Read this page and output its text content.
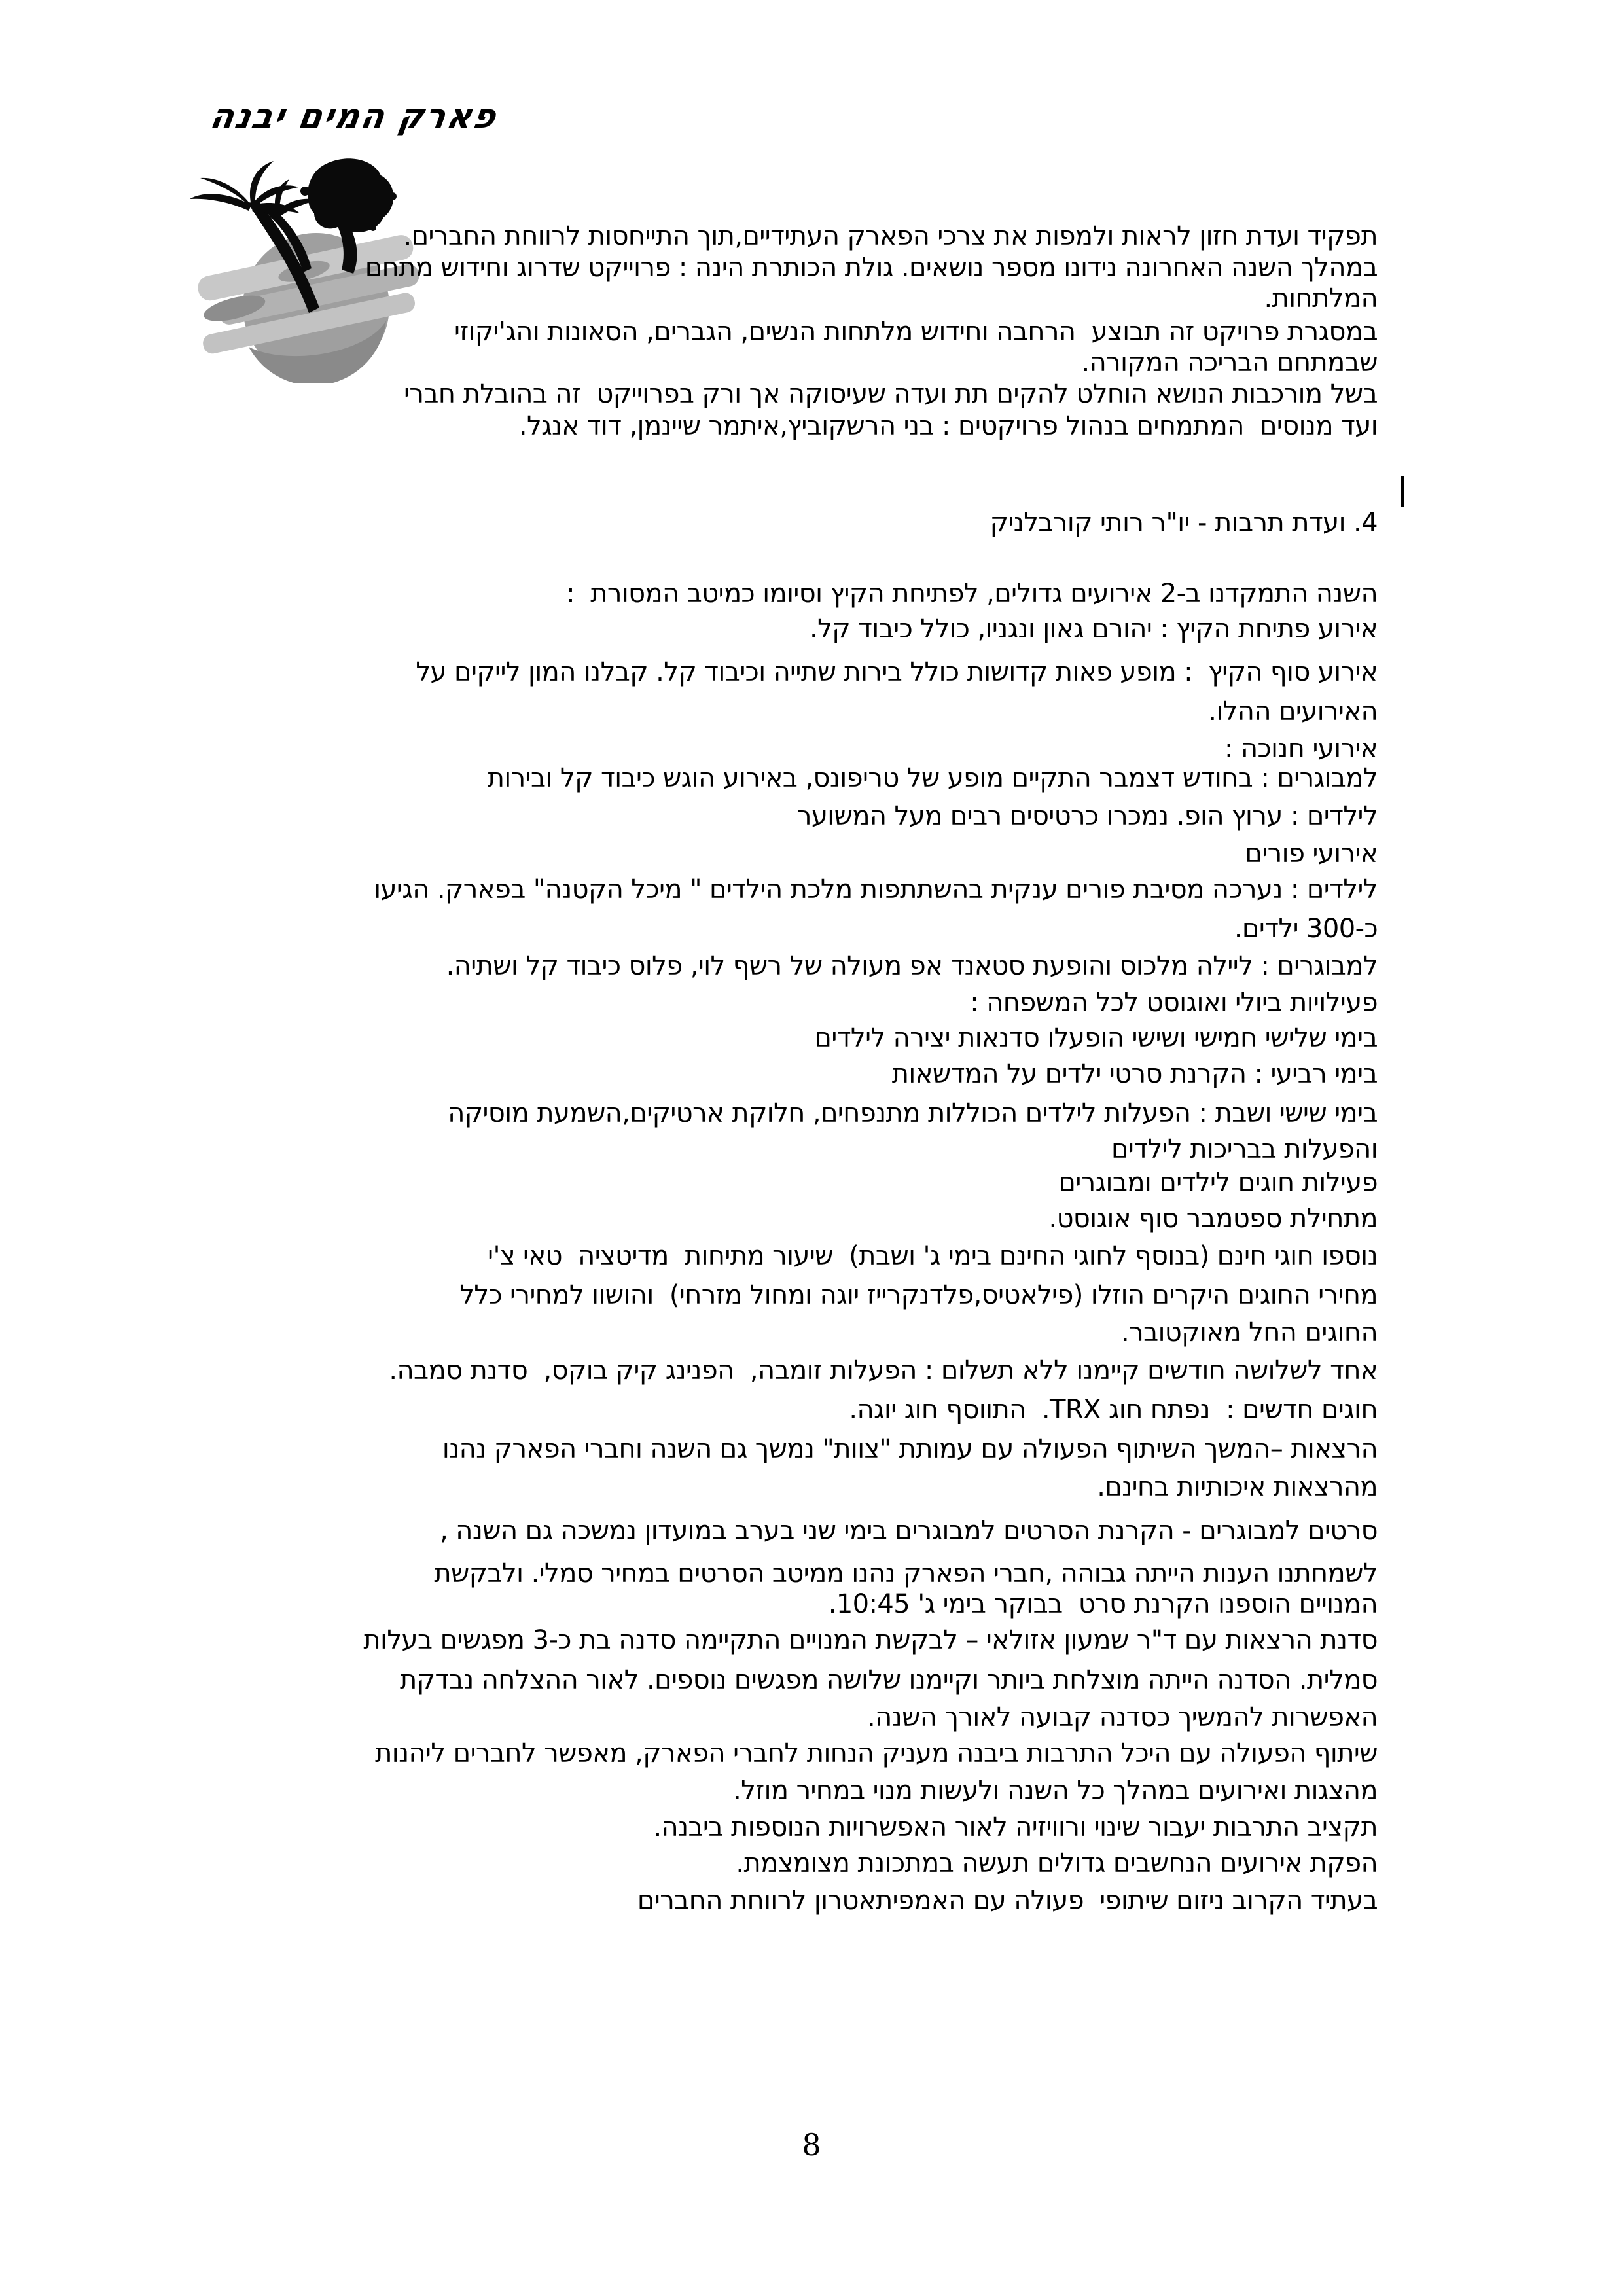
פארק המים יבנה
תפקיד ועדת חזון לראות ולמפות את צרכי הפארק העתידיים,תוך התייחסות לרווחת החברים.
במהלך השנה האחרונה נידונו מספר נושאים. גולת הכותרת הינה : פרוייקט שדרוג וחידוש מתחם
המלתחות.
במסגרת פרויקט זה תבוצע  הרחבה וחידוש מלתחות הנשים, הגברים, הסאונות והג'יקוזי
שבמתחם הבריכה המקורה.
בשל מורכבות הנושא הוחלט להקים תת ועדה שעיסוקה אך ורק בפרוייקט  זה בהובלת חברי
ועד מנוסים  המתמחים בנהול פרויקטים : בני הרשקוביץ,איתמר שיינמן, דוד אנגל.
4. ועדת תרבות - יו"ר רותי קורבלניק
השנה התמקדנו ב-2 אירועים גדולים, לפתיחת הקיץ וסיומו כמיטב המסורת  :
אירוע פתיחת הקיץ : יהורם גאון ונגניו, כולל כיבוד קל.
אירוע סוף הקיץ  : מופע פאות קדושות כולל בירות שתייה וכיבוד קל. קבלנו המון לייקים על
האירועים ההלו.
אירועי חנוכה :
למבוגרים : בחודש דצמבר התקיים מופע של טריפונס, באירוע הוגש כיבוד קל ובירות
לילדים : ערוץ הופ. נמכרו כרטיסים רבים מעל המשוער
אירועי פורים
לילדים : נערכה מסיבת פורים ענקית בהשתתפות מלכת הילדים " מיכל הקטנה" בפארק. הגיעו
כ-300 ילדים.
למבוגרים : ליילה מלכוס והופעת סטאנד אפ מעולה של רשף לוי, פלוס כיבוד קל ושתיה.
פעילויות ביולי ואוגוסט לכל המשפחה :
בימי שלישי חמישי ושישי הופעלו סדנאות יצירה לילדים
בימי רביעי : הקרנת סרטי ילדים על המדשאות
בימי שישי ושבת : הפעלות לילדים הכוללות מתנפחים, חלוקת ארטיקים,השמעת מוסיקה
והפעלות בבריכות לילדים
פעילות חוגים לילדים ומבוגרים
מתחילת ספטמבר סוף אוגוסט.
נוספו חוגי חינם (בנוסף לחוגי החינם בימי ג' ושבת)  שיעור מתיחות  מדיטציה  טאי צ'י
מחירי החוגים היקרים הוזלו (פילאטיס,פלדנקרייז יוגה ומחול מזרחי)  והושוו למחירי כלל
החוגים החל מאוקטובר.
אחד לשלושה חודשים קיימנו ללא תשלום : הפעלות זומבה,  הפנינג קיק בוקס,  סדנת סמבה.
חוגים חדשים :  נפתח חוג TRX.  התווסף חוג יוגה.
הרצאות –המשך השיתוף הפעולה עם עמותת "צוות" נמשך גם השנה וחברי הפארק נהנו
מהרצאות איכותיות בחינם.
סרטים למבוגרים - הקרנת הסרטים למבוגרים בימי שני בערב במועדון נמשכה גם השנה ,
לשמחתנו הענות הייתה גבוהה ,חברי הפארק נהנו ממיטב הסרטים במחיר סמלי. ולבקשת
המנויים הוספנו הקרנת סרט  בבוקר בימי ג' 10:45.
סדנת הרצאות עם ד"ר שמעון אזולאי – לבקשת המנויים התקיימה סדנה בת כ-3 מפגשים בעלות
סמלית. הסדנה הייתה מוצלחת ביותר וקיימנו שלושה מפגשים נוספים. לאור ההצלחה נבדקת
האפשרות להמשיך כסדנה קבועה לאורך השנה.
שיתוף הפעולה עם היכל התרבות ביבנה מעניק הנחות לחברי הפארק, מאפשר לחברים ליהנות
מהצגות ואירועים במהלך כל השנה ולעשות מנוי במחיר מוזל.
תקציב התרבות יעבור שינוי ורוויזיה לאור האפשרויות הנוספות ביבנה.
הפקת אירועים הנחשבים גדולים תעשה במתכונת מצומצמת.
בעתיד הקרוב ניזום שיתופי  פעולה עם האמפיתאטרון לרווחת החברים
8
